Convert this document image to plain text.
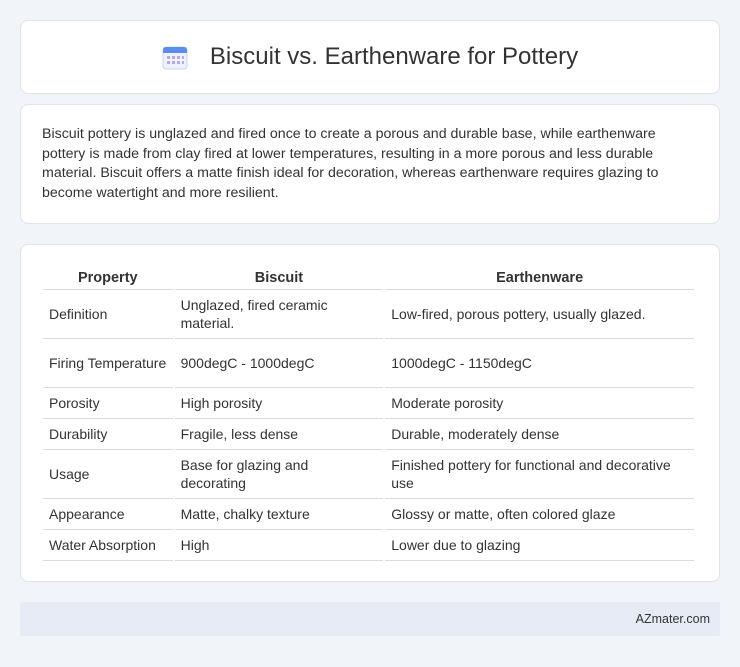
Biscuit vs. Earthenware for Pottery

Biscuit pottery is unglazed and fired once to create a porous and durable base, while earthenware pottery is made from clay fired at lower temperatures, resulting in a more porous and less durable material. Biscuit offers a matte finish ideal for decoration, whereas earthenware requires glazing to become watertight and more resilient.

Property	Biscuit	Earthenware
Definition	Unglazed, fired ceramic material.	Low-fired, porous pottery, usually glazed.
Firing Temperature	900degC - 1000degC	1000degC - 1150degC
Porosity	High porosity	Moderate porosity
Durability	Fragile, less dense	Durable, moderately dense
Usage	Base for glazing and decorating	Finished pottery for functional and decorative use
Appearance	Matte, chalky texture	Glossy or matte, often colored glaze
Water Absorption	High	Lower due to glazing
AZmater.com
